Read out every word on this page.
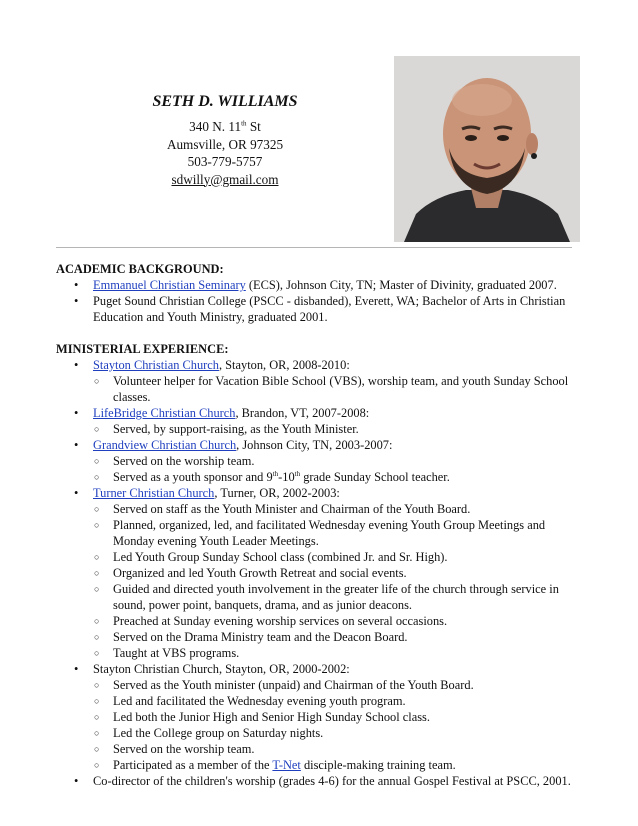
SETH D. WILLIAMS
340 N. 11th St
Aumsville, OR 97325
503-779-5757
sdwilly@gmail.com
ACADEMIC BACKGROUND:
• Emmanuel Christian Seminary (ECS), Johnson City, TN; Master of Divinity, graduated 2007.
• Puget Sound Christian College (PSCC - disbanded), Everett, WA; Bachelor of Arts in Christian Education and Youth Ministry, graduated 2001.
MINISTERIAL EXPERIENCE:
• Stayton Christian Church, Stayton, OR, 2008-2010:
○ Volunteer helper for Vacation Bible School (VBS), worship team, and youth Sunday School classes.
• LifeBridge Christian Church, Brandon, VT, 2007-2008:
○ Served, by support-raising, as the Youth Minister.
• Grandview Christian Church, Johnson City, TN, 2003-2007:
○ Served on the worship team.
○ Served as a youth sponsor and 9th-10th grade Sunday School teacher.
• Turner Christian Church, Turner, OR, 2002-2003:
○ Served on staff as the Youth Minister and Chairman of the Youth Board.
○ Planned, organized, led, and facilitated Wednesday evening Youth Group Meetings and Monday evening Youth Leader Meetings.
○ Led Youth Group Sunday School class (combined Jr. and Sr. High).
○ Organized and led Youth Growth Retreat and social events.
○ Guided and directed youth involvement in the greater life of the church through service in sound, power point, banquets, drama, and as junior deacons.
○ Preached at Sunday evening worship services on several occasions.
○ Served on the Drama Ministry team and the Deacon Board.
○ Taught at VBS programs.
• Stayton Christian Church, Stayton, OR, 2000-2002:
○ Served as the Youth minister (unpaid) and Chairman of the Youth Board.
○ Led and facilitated the Wednesday evening youth program.
○ Led both the Junior High and Senior High Sunday School class.
○ Led the College group on Saturday nights.
○ Served on the worship team.
○ Participated as a member of the T-Net disciple-making training team.
• Co-director of the children's worship (grades 4-6) for the annual Gospel Festival at PSCC, 2001.
